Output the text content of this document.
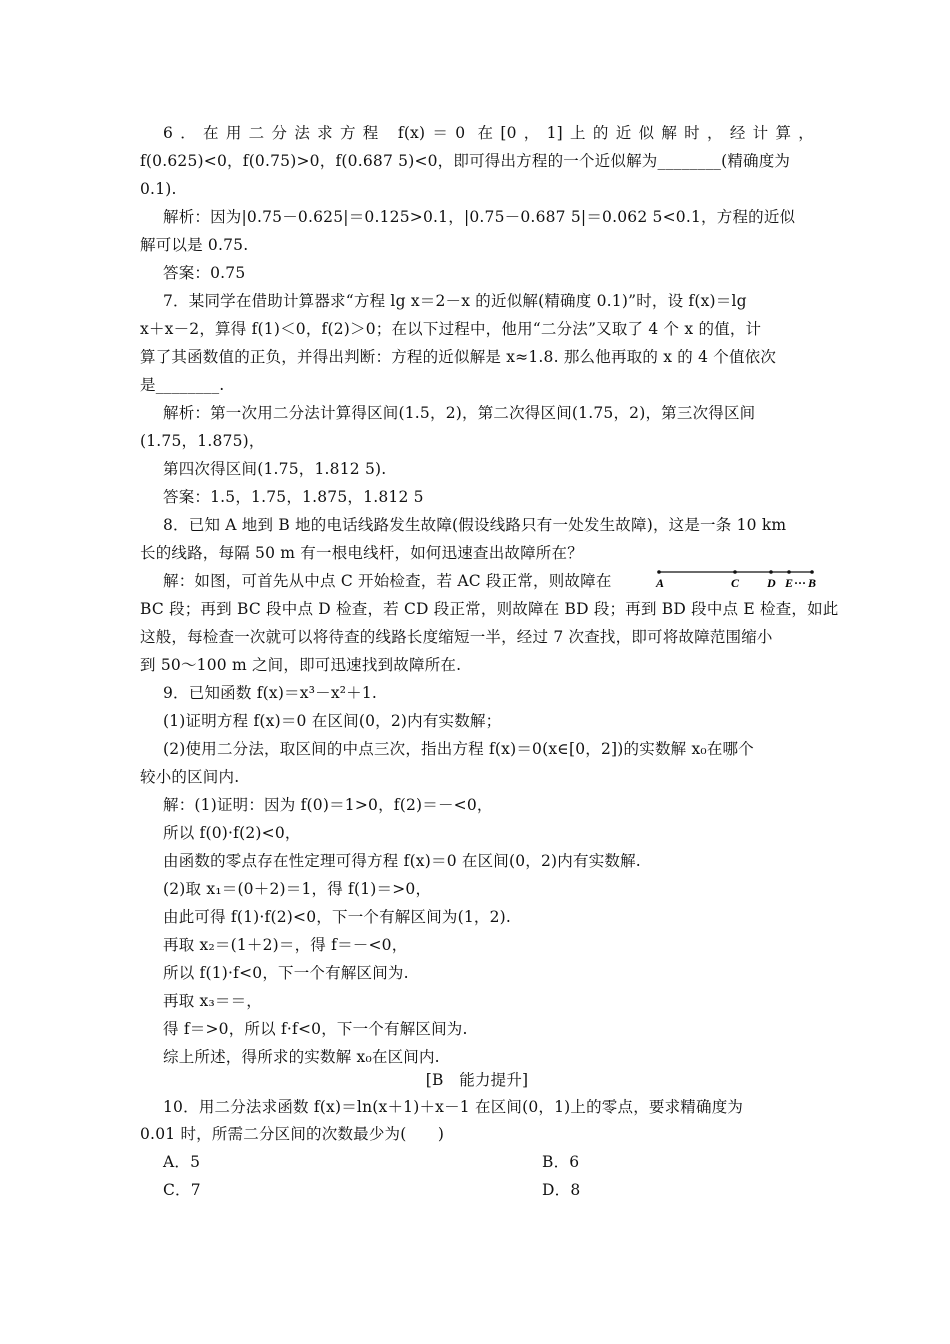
6．在用二分法求方程 f(x)＝0 在[0，1]上的近似解时，经计算，
f(0.625)<0，f(0.75)>0，f(0.687 5)<0，即可得出方程的一个近似解为________(精确度为
0.1).
解析：因为|0.75－0.625|＝0.125>0.1，|0.75－0.687 5|＝0.062 5<0.1，方程的近似
解可以是 0.75.
答案：0.75
7．某同学在借助计算器求“方程 lg x＝2－x 的近似解(精确度 0.1)”时，设 f(x)＝lg
x＋x－2，算得 f(1)＜0，f(2)＞0；在以下过程中，他用“二分法”又取了 4 个 x 的值，计
算了其函数值的正负，并得出判断：方程的近似解是 x≈1.8. 那么他再取的 x 的 4 个值依次
是________.
解析：第一次用二分法计算得区间(1.5，2)，第二次得区间(1.75，2)，第三次得区间
(1.75，1.875)，
第四次得区间(1.75，1.812 5).
答案：1.5，1.75，1.875，1.812 5
8．已知 A 地到 B 地的电话线路发生故障(假设线路只有一处发生故障)，这是一条 10 km
长的线路，每隔 50 m 有一根电线杆，如何迅速查出故障所在？
解：如图，可首先从中点 C 开始检查，若 AC 段正常，则故障在	A	C D E ··· B
BC 段；再到 BC 段中点 D 检查，若 CD 段正常，则故障在 BD 段；再到 BD 段中点 E 检查，如此
这般，每检查一次就可以将待查的线路长度缩短一半，经过 7 次查找，即可将故障范围缩小
到 50～100 m 之间，即可迅速找到故障所在.
9．已知函数 f(x)＝x³－x²＋1.
(1)证明方程 f(x)＝0 在区间(0，2)内有实数解；
(2)使用二分法，取区间的中点三次，指出方程 f(x)＝0(x∈[0，2])的实数解 x₀在哪个
较小的区间内.
解：(1)证明：因为 f(0)＝1>0，f(2)＝－<0，
所以 f(0)·f(2)<0，
由函数的零点存在性定理可得方程 f(x)＝0 在区间(0，2)内有实数解.
(2)取 x₁＝(0＋2)＝1，得 f(1)＝>0，
由此可得 f(1)·f(2)<0，下一个有解区间为(1，2).
再取 x₂＝(1＋2)＝，得 f＝－<0，
所以 f(1)·f<0，下一个有解区间为.
再取 x₃＝＝，
得 f＝>0，所以 f·f<0，下一个有解区间为.
综上所述，得所求的实数解 x₀在区间内.
[B　能力提升]
10．用二分法求函数 f(x)＝ln(x＋1)＋x－1 在区间(0，1)上的零点，要求精确度为
0.01 时，所需二分区间的次数最少为(　　)
A．5	B．6
C．7	D．8
